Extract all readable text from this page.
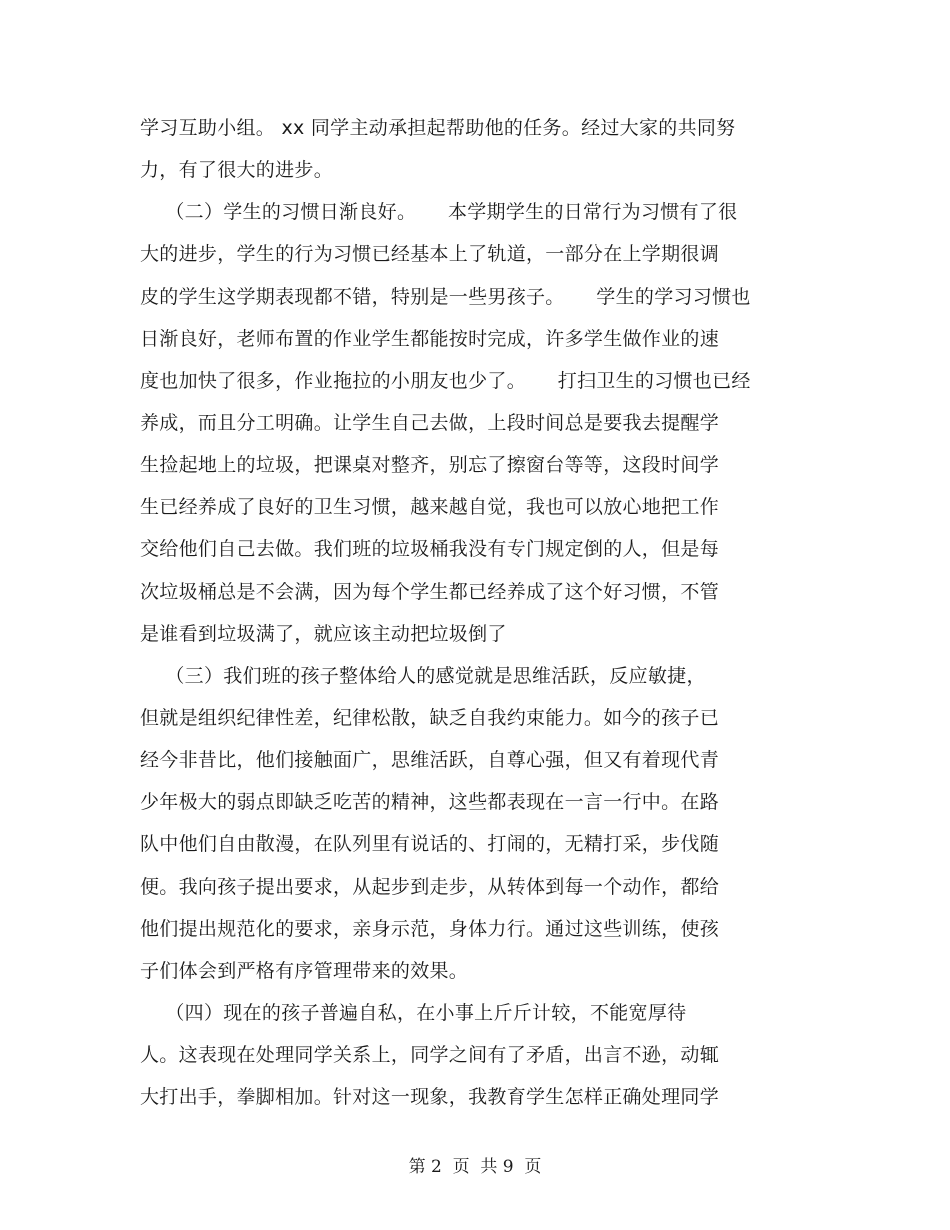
学习互助小组。 xx 同学主动承担起帮助他的任务。经过大家的共同努
力，有了很大的进步。
（二）学生的习惯日渐良好。     本学期学生的日常行为习惯有了很
大的进步，学生的行为习惯已经基本上了轨道，一部分在上学期很调
皮的学生这学期表现都不错，特别是一些男孩子。     学生的学习习惯也
日渐良好，老师布置的作业学生都能按时完成，许多学生做作业的速
度也加快了很多，作业拖拉的小朋友也少了。     打扫卫生的习惯也已经
养成，而且分工明确。让学生自己去做，上段时间总是要我去提醒学
生捡起地上的垃圾，把课桌对整齐，别忘了擦窗台等等，这段时间学
生已经养成了良好的卫生习惯，越来越自觉，我也可以放心地把工作
交给他们自己去做。我们班的垃圾桶我没有专门规定倒的人，但是每
次垃圾桶总是不会满，因为每个学生都已经养成了这个好习惯，不管
是谁看到垃圾满了，就应该主动把垃圾倒了
（三）我们班的孩子整体给人的感觉就是思维活跃，反应敏捷，
但就是组织纪律性差，纪律松散，缺乏自我约束能力。如今的孩子已
经今非昔比，他们接触面广，思维活跃，自尊心强，但又有着现代青
少年极大的弱点即缺乏吃苦的精神，这些都表现在一言一行中。在路
队中他们自由散漫，在队列里有说话的、打闹的，无精打采，步伐随
便。我向孩子提出要求，从起步到走步，从转体到每一个动作，都给
他们提出规范化的要求，亲身示范，身体力行。通过这些训练，使孩
子们体会到严格有序管理带来的效果。
（四）现在的孩子普遍自私，在小事上斤斤计较，不能宽厚待
人。这表现在处理同学关系上，同学之间有了矛盾，出言不逊，动辄
大打出手，拳脚相加。针对这一现象，我教育学生怎样正确处理同学
第 2  页  共 9  页
